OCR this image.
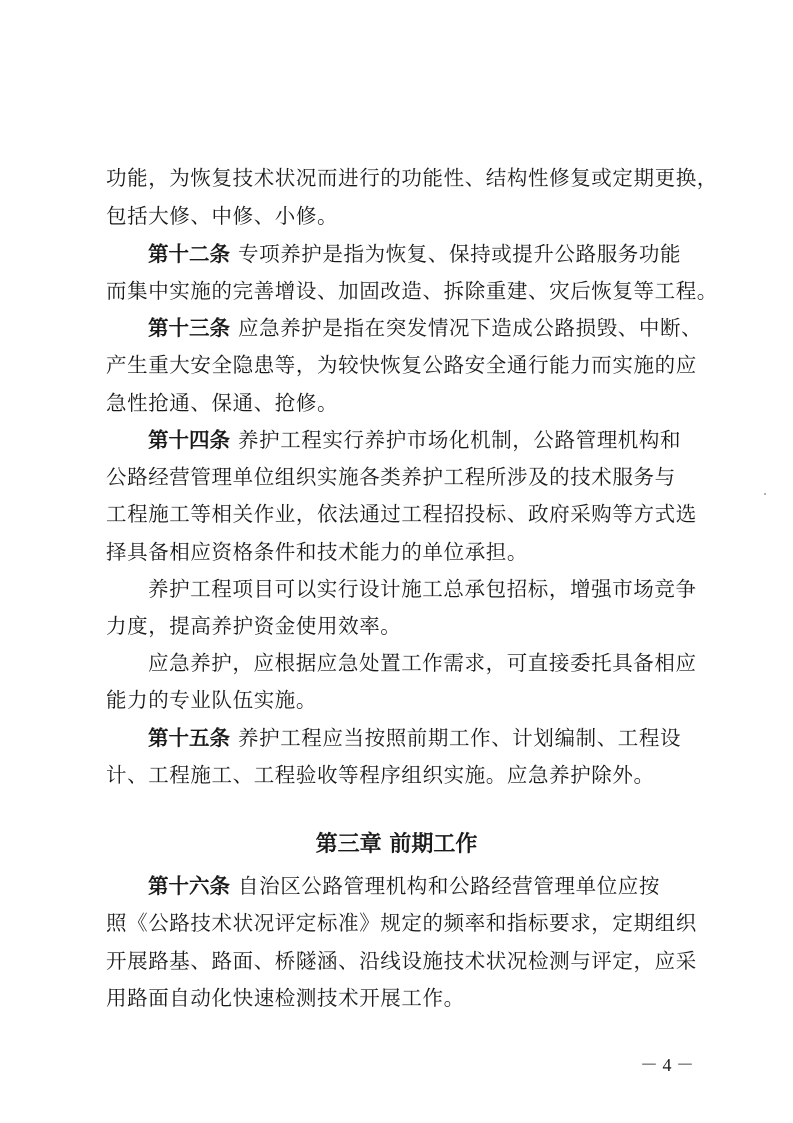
功能，为恢复技术状况而进行的功能性、结构性修复或定期更换，
包括大修、中修、小修。
第十二条 专项养护是指为恢复、保持或提升公路服务功能
而集中实施的完善增设、加固改造、拆除重建、灾后恢复等工程。
第十三条 应急养护是指在突发情况下造成公路损毁、中断、
产生重大安全隐患等，为较快恢复公路安全通行能力而实施的应
急性抢通、保通、抢修。
第十四条 养护工程实行养护市场化机制，公路管理机构和
公路经营管理单位组织实施各类养护工程所涉及的技术服务与
工程施工等相关作业，依法通过工程招投标、政府采购等方式选
择具备相应资格条件和技术能力的单位承担。
养护工程项目可以实行设计施工总承包招标，增强市场竞争
力度，提高养护资金使用效率。
应急养护，应根据应急处置工作需求，可直接委托具备相应
能力的专业队伍实施。
第十五条 养护工程应当按照前期工作、计划编制、工程设
计、工程施工、工程验收等程序组织实施。应急养护除外。
第三章 前期工作
第十六条 自治区公路管理机构和公路经营管理单位应按
照《公路技术状况评定标准》规定的频率和指标要求，定期组织
开展路基、路面、桥隧涵、沿线设施技术状况检测与评定，应采
用路面自动化快速检测技术开展工作。
－ 4 －
